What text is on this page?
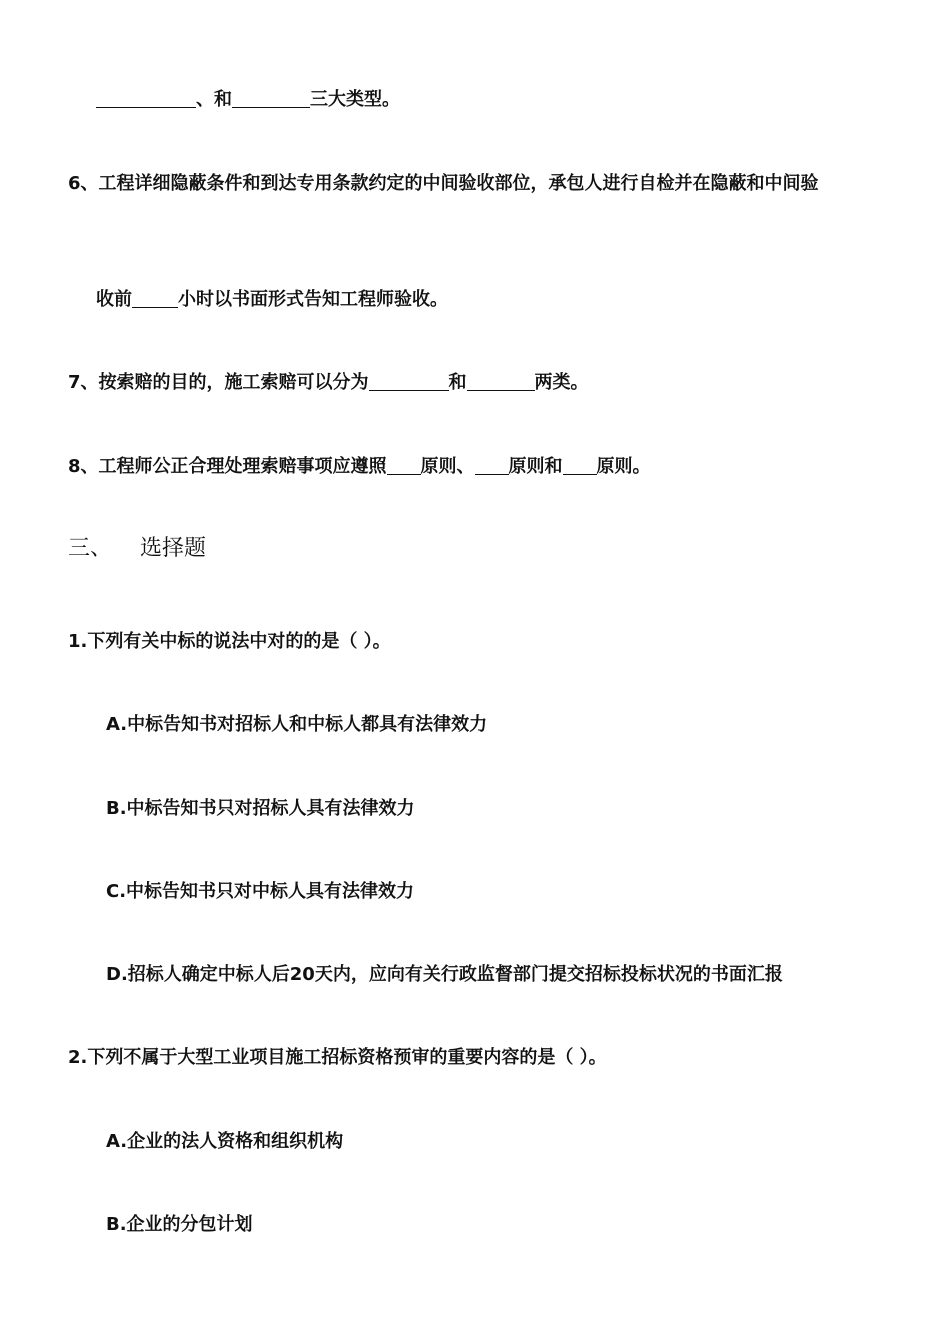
、和	三大类型。
6、工程详细隐蔽条件和到达专用条款约定的中间验收部位，承包人进行自检并在隐蔽和中间验
收前	小时以书面形式告知工程师验收。
7、按索赔的目的，施工索赔可以分为	和	两类。
8、工程师公正合理处理索赔事项应遵照 原则、 原则和 原则。
三、 选择题
1.下列有关中标的说法中对的的是（ ）。
A.中标告知书对招标人和中标人都具有法律效力
B.中标告知书只对招标人具有法律效力
C.中标告知书只对中标人具有法律效力
D.招标人确定中标人后20天内，应向有关行政监督部门提交招标投标状况的书面汇报
2.下列不属于大型工业项目施工招标资格预审的重要内容的是（ ）。
A.企业的法人资格和组织机构
B.企业的分包计划
